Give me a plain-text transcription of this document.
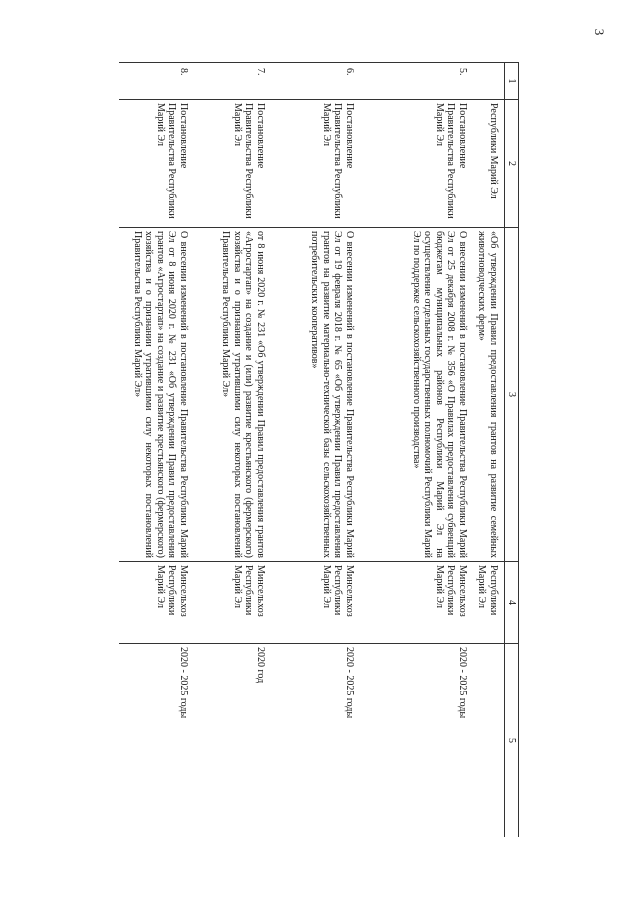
3
1	2	3	4	5
	Республики Марий Эл	«Об утверждении Правил предоставления грантов на развитие семейных животноводческих ферм»	Республики Марий Эл	
5.	Постановление Правительства Республики Марий Эл	О внесении изменений в постановление Правительства Республики Марий Эл от 25 декабря 2008 г. № 356 «О Правилах предоставления субвенций бюджетам муниципальных районов Республики Марий Эл на осуществление отдельных государственных полномочий Республики Марий Эл по поддержке сельскохозяйственного производства»	Минсельхоз Республики Марий Эл	2020 - 2025 годы
6.	Постановление Правительства Республики Марий Эл	О внесении изменений в постановление Правительства Республики Марий Эл от 19 февраля 2018 г. № 65 «Об утверждении Правил предоставления грантов на развитие материально-технической базы сельскохозяйственных потребительских кооперативов»	Минсельхоз Республики Марий Эл	2020 - 2025 годы
7.	Постановление Правительства Республики Марий Эл	от 8 июня 2020 г. № 231 «Об утверждении Правил предоставления грантов «Агростартап» на создание и (или) развитие крестьянского (фермерского) хозяйства и о признании утратившими силу некоторых постановлений Правительства Республики Марий Эл»	Минсельхоз Республики Марий Эл	2020 год
8.	Постановление Правительства Республики Марий Эл	О внесении изменений в постановление Правительства Республики Марий Эл от 8 июня 2020 г. № 231 «Об утверждении Правил предоставления грантов «Агростартап» на создание и развитие крестьянского (фермерского) хозяйства и о признании утратившими силу некоторых постановлений Правительства Республики Марий Эл»	Минсельхоз Республики Марий Эл	2020 - 2025 годы
